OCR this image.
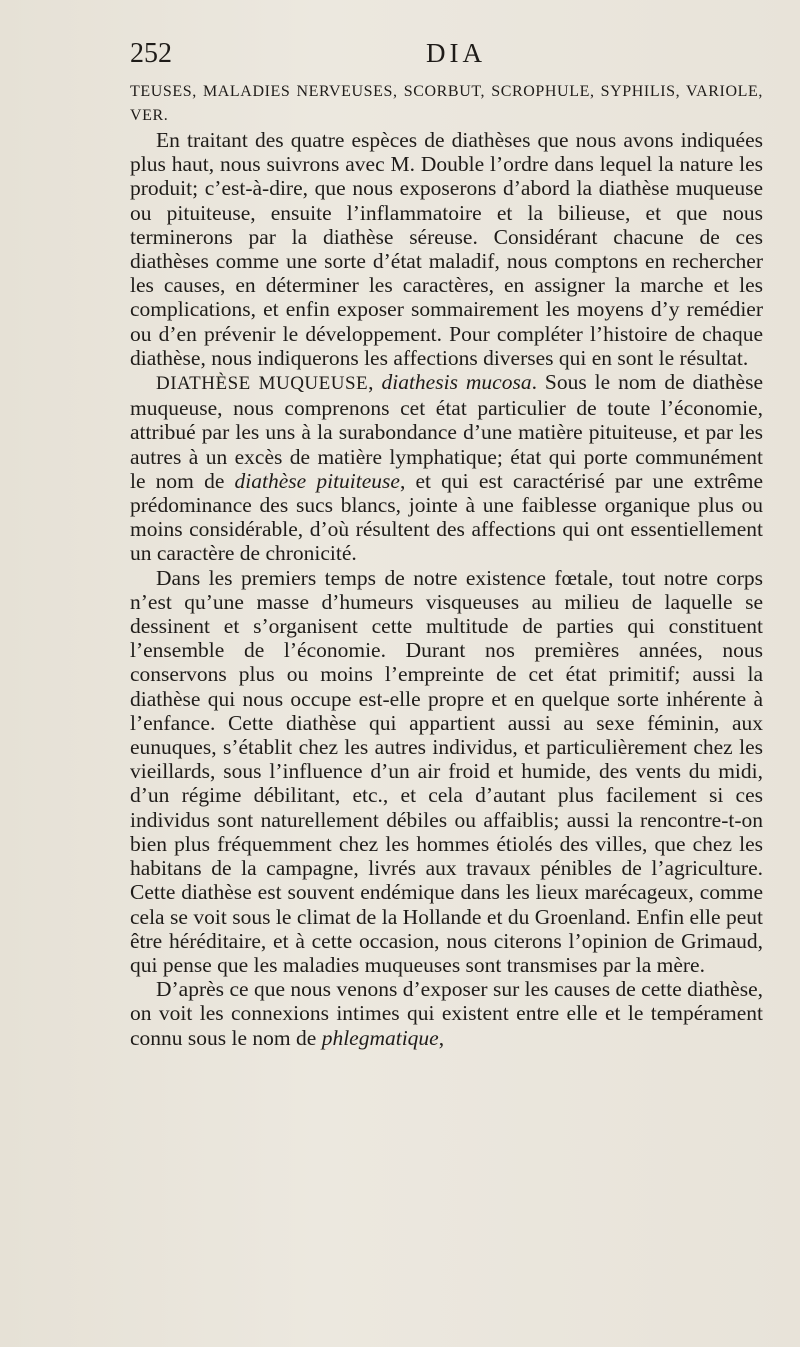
252	DIA

TEUSES, MALADIES NERVEUSES, SCORBUT, SCROPHULE, SYPHILIS, VARIOLE, VER.

En traitant des quatre espèces de diathèses que nous avons indiquées plus haut, nous suivrons avec M. Double l’ordre dans lequel la nature les produit; c’est-à-dire, que nous exposerons d’abord la diathèse muqueuse ou pituiteuse, ensuite l’inflammatoire et la bilieuse, et que nous terminerons par la diathèse séreuse. Considérant chacune de ces diathèses comme une sorte d’état maladif, nous comptons en rechercher les causes, en déterminer les caractères, en assigner la marche et les complications, et enfin exposer sommairement les moyens d’y remédier ou d’en prévenir le développement. Pour compléter l’histoire de chaque diathèse, nous indiquerons les affections diverses qui en sont le résultat.

DIATHÈSE MUQUEUSE, diathesis mucosa. Sous le nom de diathèse muqueuse, nous comprenons cet état particulier de toute l’économie, attribué par les uns à la surabondance d’une matière pituiteuse, et par les autres à un excès de matière lymphatique; état qui porte communément le nom de diathèse pituiteuse, et qui est caractérisé par une extrême prédominance des sucs blancs, jointe à une faiblesse organique plus ou moins considérable, d’où résultent des affections qui ont essentiellement un caractère de chronicité.

Dans les premiers temps de notre existence fœtale, tout notre corps n’est qu’une masse d’humeurs visqueuses au milieu de laquelle se dessinent et s’organisent cette multitude de parties qui constituent l’ensemble de l’économie. Durant nos premières années, nous conservons plus ou moins l’empreinte de cet état primitif; aussi la diathèse qui nous occupe est-elle propre et en quelque sorte inhérente à l’enfance. Cette diathèse qui appartient aussi au sexe féminin, aux eunuques, s’établit chez les autres individus, et particulièrement chez les vieillards, sous l’influence d’un air froid et humide, des vents du midi, d’un régime débilitant, etc., et cela d’autant plus facilement si ces individus sont naturellement débiles ou affaiblis; aussi la rencontre-t-on bien plus fréquemment chez les hommes étiolés des villes, que chez les habitans de la campagne, livrés aux travaux pénibles de l’agriculture. Cette diathèse est souvent endémique dans les lieux marécageux, comme cela se voit sous le climat de la Hollande et du Groenland. Enfin elle peut être héréditaire, et à cette occasion, nous citerons l’opinion de Grimaud, qui pense que les maladies muqueuses sont transmises par la mère.

D’après ce que nous venons d’exposer sur les causes de cette diathèse, on voit les connexions intimes qui existent entre elle et le tempérament connu sous le nom de phlegmatique,
